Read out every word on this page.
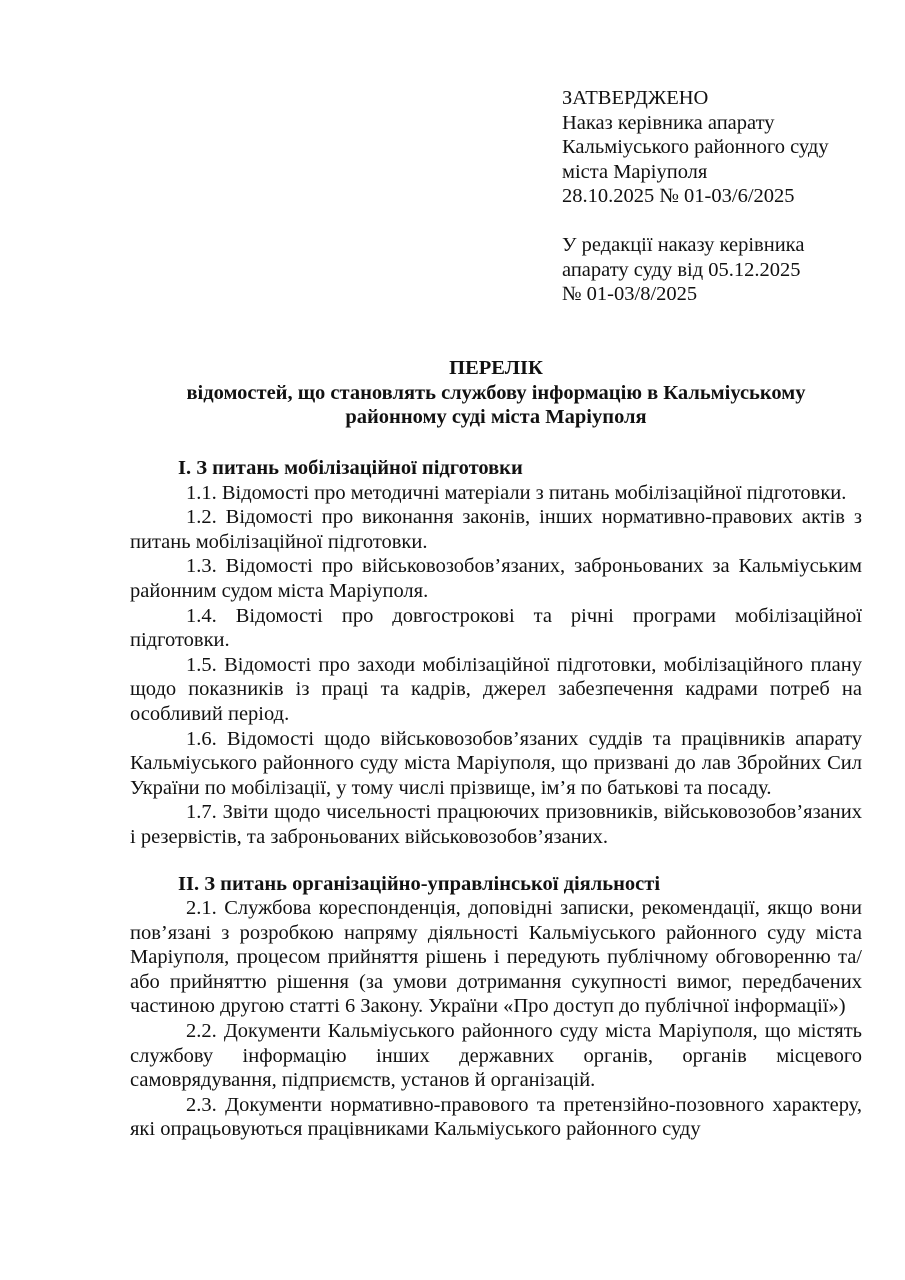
ЗАТВЕРДЖЕНО
Наказ керівника апарату
Кальміуського районного суду
міста Маріуполя
28.10.2025 № 01-03/6/2025
У редакції наказу керівника
апарату суду від 05.12.2025
№ 01-03/8/2025
ПЕРЕЛІК
відомостей, що становлять службову інформацію в Кальміуському
районному суді міста Маріуполя

І. З питань мобілізаційної підготовки

1.1. Відомості про методичні матеріали з питань мобілізаційної підготовки.

1.2. Відомості про виконання законів, інших нормативно-правових актів з питань мобілізаційної підготовки.

1.3. Відомості про військовозобов’язаних, заброньованих за Кальміуським районним судом міста Маріуполя.

1.4. Відомості про довгострокові та річні програми мобілізаційної підготовки.

1.5. Відомості про заходи мобілізаційної підготовки, мобілізаційного плану щодо показників із праці та кадрів, джерел забезпечення кадрами потреб на особливий період.

1.6. Відомості щодо військовозобов’язаних суддів та працівників апарату Кальміуського районного суду міста Маріуполя, що призвані до лав Збройних Сил України по мобілізації, у тому числі прізвище, ім’я по батькові та посаду.

1.7. Звіти щодо чисельності працюючих призовників, військовозобов’язаних і резервістів, та заброньованих військовозобов’язаних.

ІІ. З питань організаційно-управлінської діяльності

2.1. Службова кореспонденція, доповідні записки, рекомендації, якщо вони пов’язані з розробкою напряму діяльності Кальміуського районного суду міста Маріуполя, процесом прийняття рішень і передують публічному обговоренню та/або прийняттю рішення (за умови дотримання сукупності вимог, передбачених частиною другою статті 6 Закону. України «Про доступ до публічної інформації»)

2.2. Документи Кальміуського районного суду міста Маріуполя, що містять службову інформацію інших державних органів, органів місцевого самоврядування, підприємств, установ й організацій.

2.3. Документи нормативно-правового та претензійно-позовного характеру, які опрацьовуються працівниками Кальміуського районного суду
